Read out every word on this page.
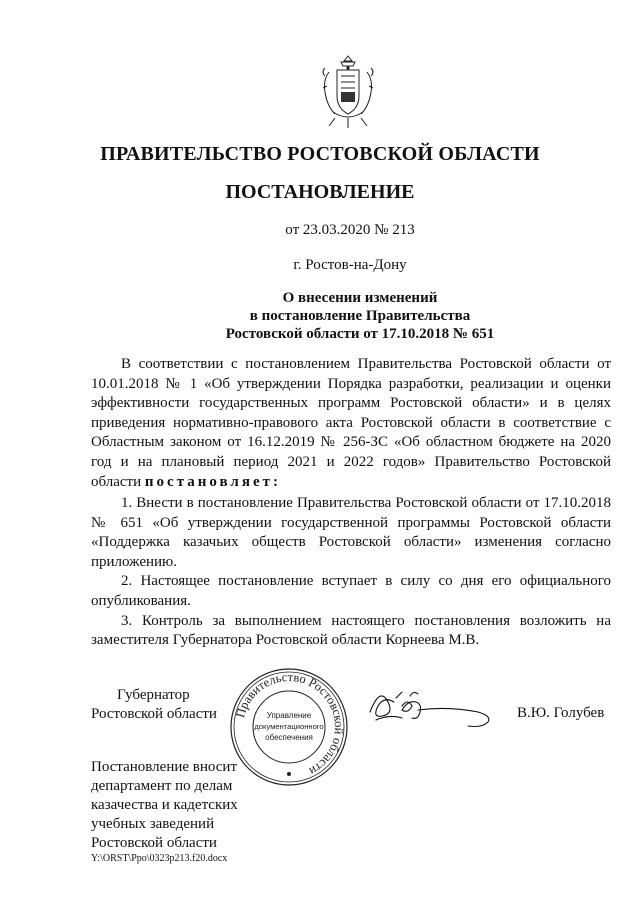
ПРАВИТЕЛЬСТВО РОСТОВСКОЙ ОБЛАСТИ
ПОСТАНОВЛЕНИЕ
от 23.03.2020 № 213
г. Ростов-на-Дону
О внесении изменений
в постановление Правительства
Ростовской области от 17.10.2018 № 651
В соответствии с постановлением Правительства Ростовской области от 10.01.2018 № 1 «Об утверждении Порядка разработки, реализации и оценки эффективности государственных программ Ростовской области» и в целях приведения нормативно-правового акта Ростовской области в соответствие с Областным законом от 16.12.2019 № 256-ЗС «Об областном бюджете на 2020 год и на плановый период 2021 и 2022 годов» Правительство Ростовской области постановляет:

1. Внести в постановление Правительства Ростовской области от 17.10.2018 № 651 «Об утверждении государственной программы Ростовской области «Поддержка казачьих обществ Ростовской области» изменения согласно приложению.

2. Настоящее постановление вступает в силу со дня его официального опубликования.

3. Контроль за выполнением настоящего постановления возложить на заместителя Губернатора Ростовской области Корнеева М.В.

Губернатор
Ростовской области	Правительство Ростовской области
Управление
документационного
обеспечения
В.Ю. Голубев
Постановление вносит
департамент по делам
казачества и кадетских
учебных заведений
Ростовской области
Y:\ORST\Ppo\0323p213.f20.docx
